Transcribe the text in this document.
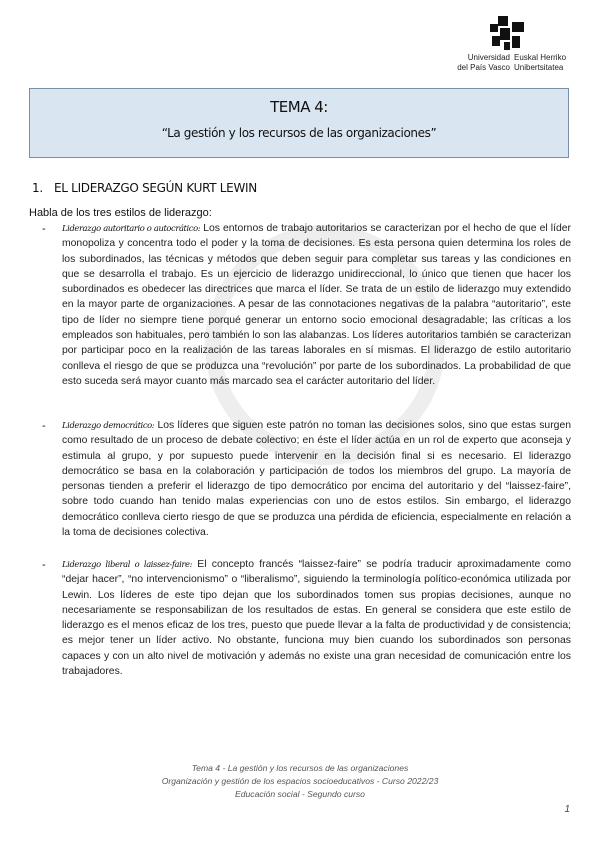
Universidad
del País Vasco
Euskal Herriko
Unibertsitatea
TEMA 4:
“La gestión y los recursos de las organizaciones”
1. EL LIDERAZGO SEGÚN KURT LEWIN
Habla de los tres estilos de liderazgo:
- Liderazgo autoritario o autocrático: Los entornos de trabajo autoritarios se caracterizan por el hecho de que el líder monopoliza y concentra todo el poder y la toma de decisiones. Es esta persona quien determina los roles de los subordinados, las técnicas y métodos que deben seguir para completar sus tareas y las condiciones en que se desarrolla el trabajo. Es un ejercicio de liderazgo unidireccional, lo único que tienen que hacer los subordinados es obedecer las directrices que marca el líder. Se trata de un estilo de liderazgo muy extendido en la mayor parte de organizaciones. A pesar de las connotaciones negativas de la palabra “autoritario”, este tipo de líder no siempre tiene porqué generar un entorno socio emocional desagradable; las críticas a los empleados son habituales, pero también lo son las alabanzas. Los líderes autoritarios también se caracterizan por participar poco en la realización de las tareas laborales en sí mismas. El liderazgo de estilo autoritario conlleva el riesgo de que se produzca una “revolución” por parte de los subordinados. La probabilidad de que esto suceda será mayor cuanto más marcado sea el carácter autoritario del líder.
- Liderazgo democrático: Los líderes que siguen este patrón no toman las decisiones solos, sino que estas surgen como resultado de un proceso de debate colectivo; en éste el líder actúa en un rol de experto que aconseja y estimula al grupo, y por supuesto puede intervenir en la decisión final si es necesario. El liderazgo democrático se basa en la colaboración y participación de todos los miembros del grupo. La mayoría de personas tienden a preferir el liderazgo de tipo democrático por encima del autoritario y del “laissez-faire”, sobre todo cuando han tenido malas experiencias con uno de estos estilos. Sin embargo, el liderazgo democrático conlleva cierto riesgo de que se produzca una pérdida de eficiencia, especialmente en relación a la toma de decisiones colectiva.
- Liderazgo liberal o laissez-faire: El concepto francés “laissez-faire” se podría traducir aproximadamente como “dejar hacer”, “no intervencionismo” o “liberalismo”, siguiendo la terminología político-económica utilizada por Lewin. Los líderes de este tipo dejan que los subordinados tomen sus propias decisiones, aunque no necesariamente se responsabilizan de los resultados de estas. En general se considera que este estilo de liderazgo es el menos eficaz de los tres, puesto que puede llevar a la falta de productividad y de consistencia; es mejor tener un líder activo. No obstante, funciona muy bien cuando los subordinados son personas capaces y con un alto nivel de motivación y además no existe una gran necesidad de comunicación entre los trabajadores.
Tema 4 - La gestión y los recursos de las organizaciones
Organización y gestión de los espacios socioeducativos - Curso 2022/23
Educación social - Segundo curso
1
